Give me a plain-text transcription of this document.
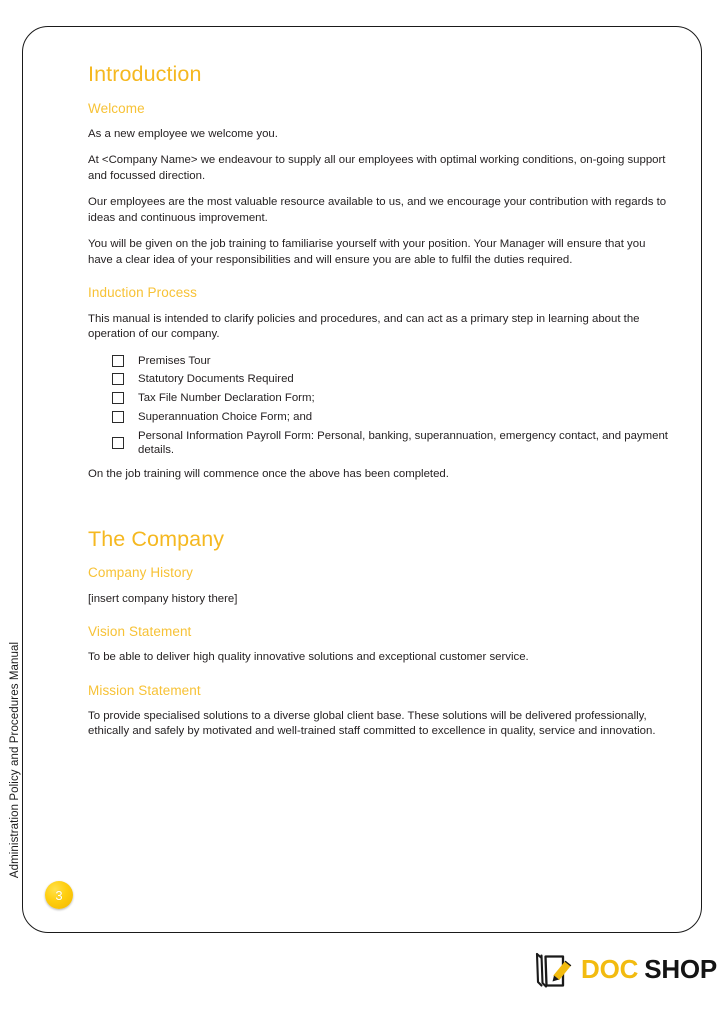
Administration Policy and Procedures Manual
3
Introduction
Welcome

As a new employee we welcome you.

At <Company Name> we endeavour to supply all our employees with optimal working conditions, on-going support and focussed direction.

Our employees are the most valuable resource available to us, and we encourage your contribution with regards to ideas and continuous improvement.

You will be given on the job training to familiarise yourself with your position. Your Manager will ensure that you have a clear idea of your responsibilities and will ensure you are able to fulfil the duties required.

Induction Process

This manual is intended to clarify policies and procedures, and can act as a primary step in learning about the operation of our company.

Premises Tour
Statutory Documents Required
Tax File Number Declaration Form;
Superannuation Choice Form; and
Personal Information Payroll Form: Personal, banking, superannuation, emergency contact, and payment details.

On the job training will commence once the above has been completed.

The Company
Company History

[insert company history there]

Vision Statement

To be able to deliver high quality innovative solutions and exceptional customer service.

Mission Statement

To provide specialised solutions to a diverse global client base. These solutions will be delivered professionally, ethically and safely by motivated and well-trained staff committed to excellence in quality, service and innovation.

DOC SHOP
